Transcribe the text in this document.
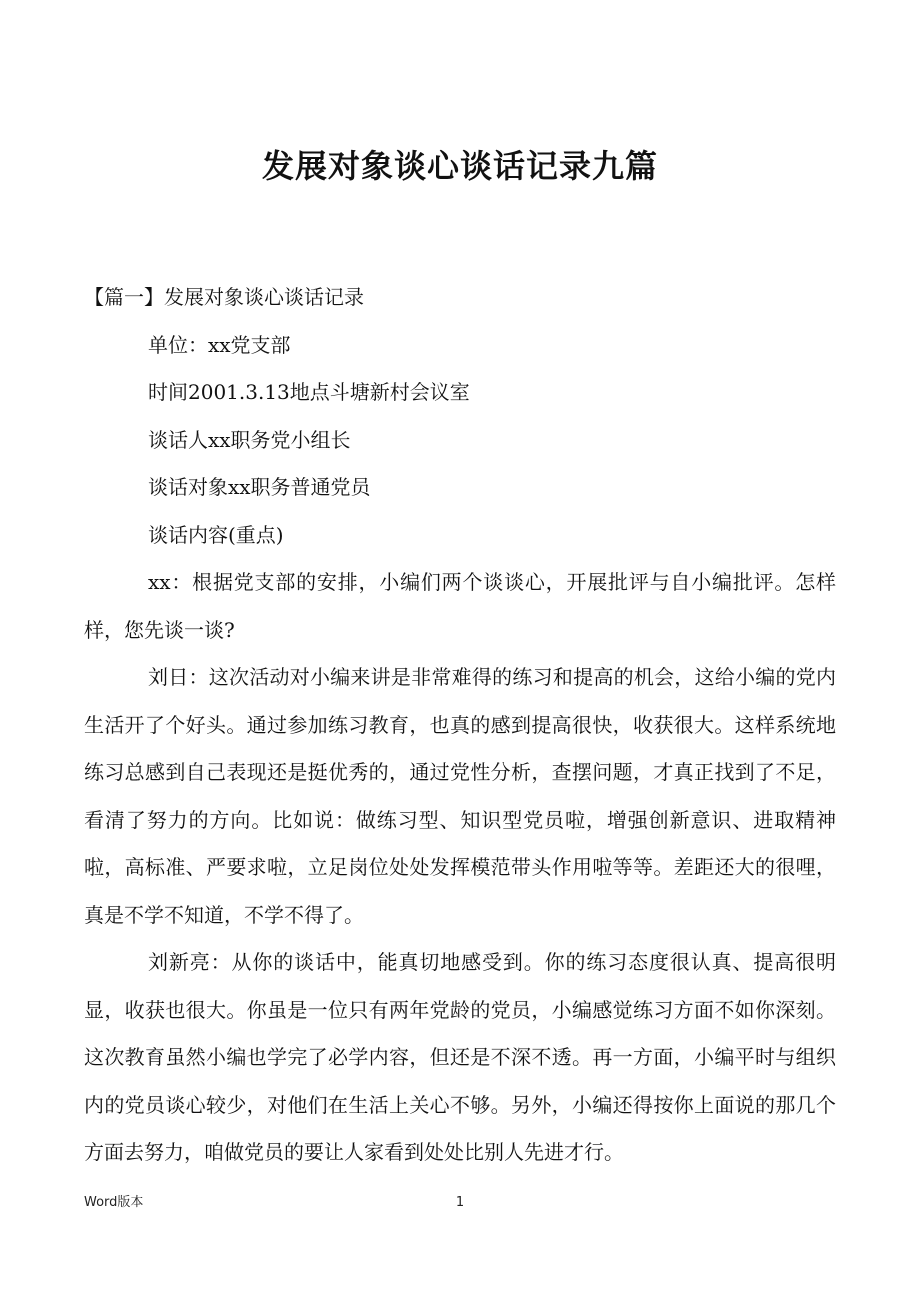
发展对象谈心谈话记录九篇

【篇一】发展对象谈心谈话记录

单位：xx党支部

时间2001.3.13地点斗塘新村会议室

谈话人xx职务党小组长

谈话对象xx职务普通党员

谈话内容(重点)

xx：根据党支部的安排，小编们两个谈谈心，开展批评与自小编批评。怎样样，您先谈一谈?

刘日：这次活动对小编来讲是非常难得的练习和提高的机会，这给小编的党内生活开了个好头。通过参加练习教育，也真的感到提高很快，收获很大。这样系统地练习总感到自己表现还是挺优秀的，通过党性分析，查摆问题，才真正找到了不足，看清了努力的方向。比如说：做练习型、知识型党员啦，增强创新意识、进取精神啦，高标准、严要求啦，立足岗位处处发挥模范带头作用啦等等。差距还大的很哩，真是不学不知道，不学不得了。

刘新亮：从你的谈话中，能真切地感受到。你的练习态度很认真、提高很明显，收获也很大。你虽是一位只有两年党龄的党员，小编感觉练习方面不如你深刻。这次教育虽然小编也学完了必学内容，但还是不深不透。再一方面，小编平时与组织内的党员谈心较少，对他们在生活上关心不够。另外，小编还得按你上面说的那几个方面去努力，咱做党员的要让人家看到处处比别人先进才行。

Word版本	1
